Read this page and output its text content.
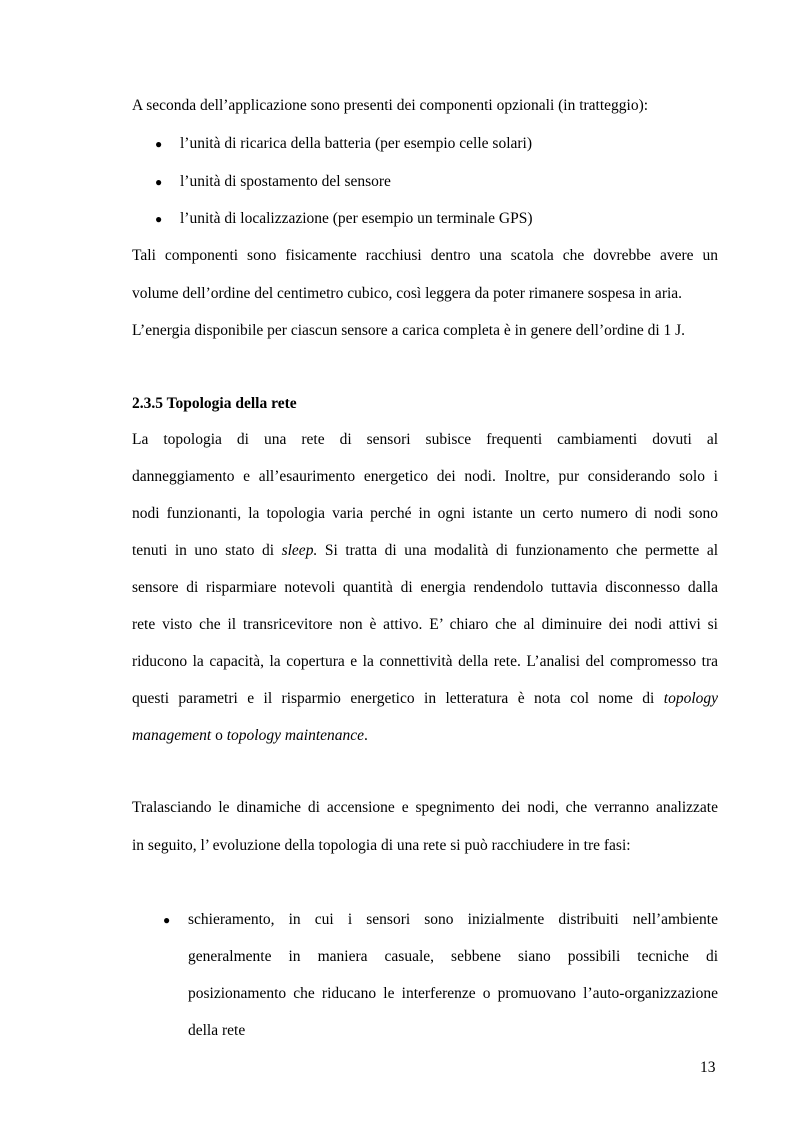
A seconda dell’applicazione sono presenti dei componenti opzionali (in tratteggio):
● l’unità di ricarica della batteria (per esempio celle solari)
● l’unità di spostamento del sensore
● l’unità di localizzazione (per esempio un terminale GPS)
Tali componenti sono fisicamente racchiusi dentro una scatola che dovrebbe avere un
volume dell’ordine del centimetro cubico, così leggera da poter rimanere sospesa in aria.
L’energia disponibile per ciascun sensore a carica completa è in genere dell’ordine di 1 J.
2.3.5 Topologia della rete
La topologia di una rete di sensori subisce frequenti cambiamenti dovuti al
danneggiamento e all’esaurimento energetico dei nodi. Inoltre, pur considerando solo i
nodi funzionanti, la topologia varia perché in ogni istante un certo numero di nodi sono
tenuti in uno stato di sleep. Si tratta di una modalità di funzionamento che permette al
sensore di risparmiare notevoli quantità di energia rendendolo tuttavia disconnesso dalla
rete visto che il transricevitore non è attivo. E’ chiaro che al diminuire dei nodi attivi si
riducono la capacità, la copertura e la connettività della rete. L’analisi del compromesso tra
questi parametri e il risparmio energetico in letteratura è nota col nome di topology
management o topology maintenance.
Tralasciando le dinamiche di accensione e spegnimento dei nodi, che verranno analizzate
in seguito, l’ evoluzione della topologia di una rete si può racchiudere in tre fasi:
● schieramento, in cui i sensori sono inizialmente distribuiti nell’ambiente
generalmente in maniera casuale, sebbene siano possibili tecniche di
posizionamento che riducano le interferenze o promuovano l’auto-organizzazione
della rete
13
